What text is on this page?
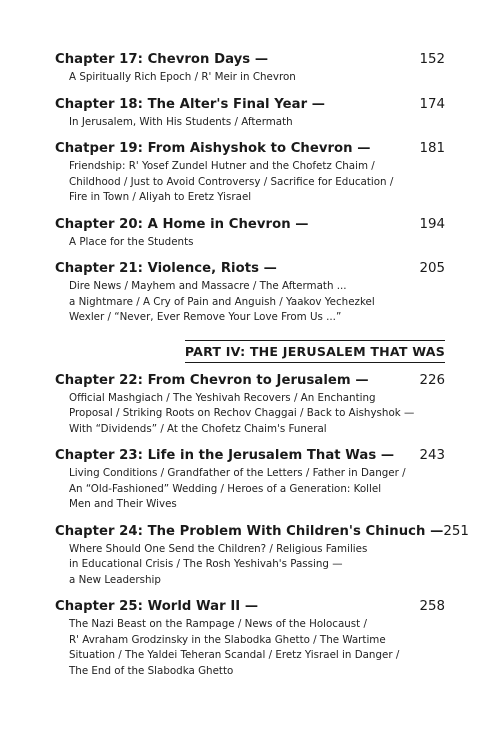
Chapter 17: Chevron Days —	152
A Spiritually Rich Epoch / R' Meir in Chevron
Chapter 18: The Alter's Final Year —	174
In Jerusalem, With His Students / Aftermath
Chatper 19: From Aishyshok to Chevron —	181
Friendship: R' Yosef Zundel Hutner and the Chofetz Chaim /
Childhood / Just to Avoid Controversy / Sacrifice for Education /
Fire in Town / Aliyah to Eretz Yisrael
Chapter 20: A Home in Chevron —	194
A Place for the Students
Chapter 21: Violence, Riots —	205
Dire News / Mayhem and Massacre / The Aftermath ...
a Nightmare / A Cry of Pain and Anguish / Yaakov Yechezkel
Wexler / “Never, Ever Remove Your Love From Us ...”
PART IV: THE JERUSALEM THAT WAS
Chapter 22: From Chevron to Jerusalem —	226
Official Mashgiach / The Yeshivah Recovers / An Enchanting
Proposal / Striking Roots on Rechov Chaggai / Back to Aishyshok —
With “Dividends” / At the Chofetz Chaim's Funeral
Chapter 23: Life in the Jerusalem That Was — 243
Living Conditions / Grandfather of the Letters / Father in Danger /
An “Old-Fashioned” Wedding / Heroes of a Generation: Kollel
Men and Their Wives
Chapter 24: The Problem With Children's Chinuch — 251
Where Should One Send the Children? / Religious Families
in Educational Crisis / The Rosh Yeshivah's Passing —
a New Leadership
Chapter 25: World War II —	258
The Nazi Beast on the Rampage / News of the Holocaust /
R' Avraham Grodzinsky in the Slabodka Ghetto / The Wartime
Situation / The Yaldei Teheran Scandal / Eretz Yisrael in Danger /
The End of the Slabodka Ghetto
